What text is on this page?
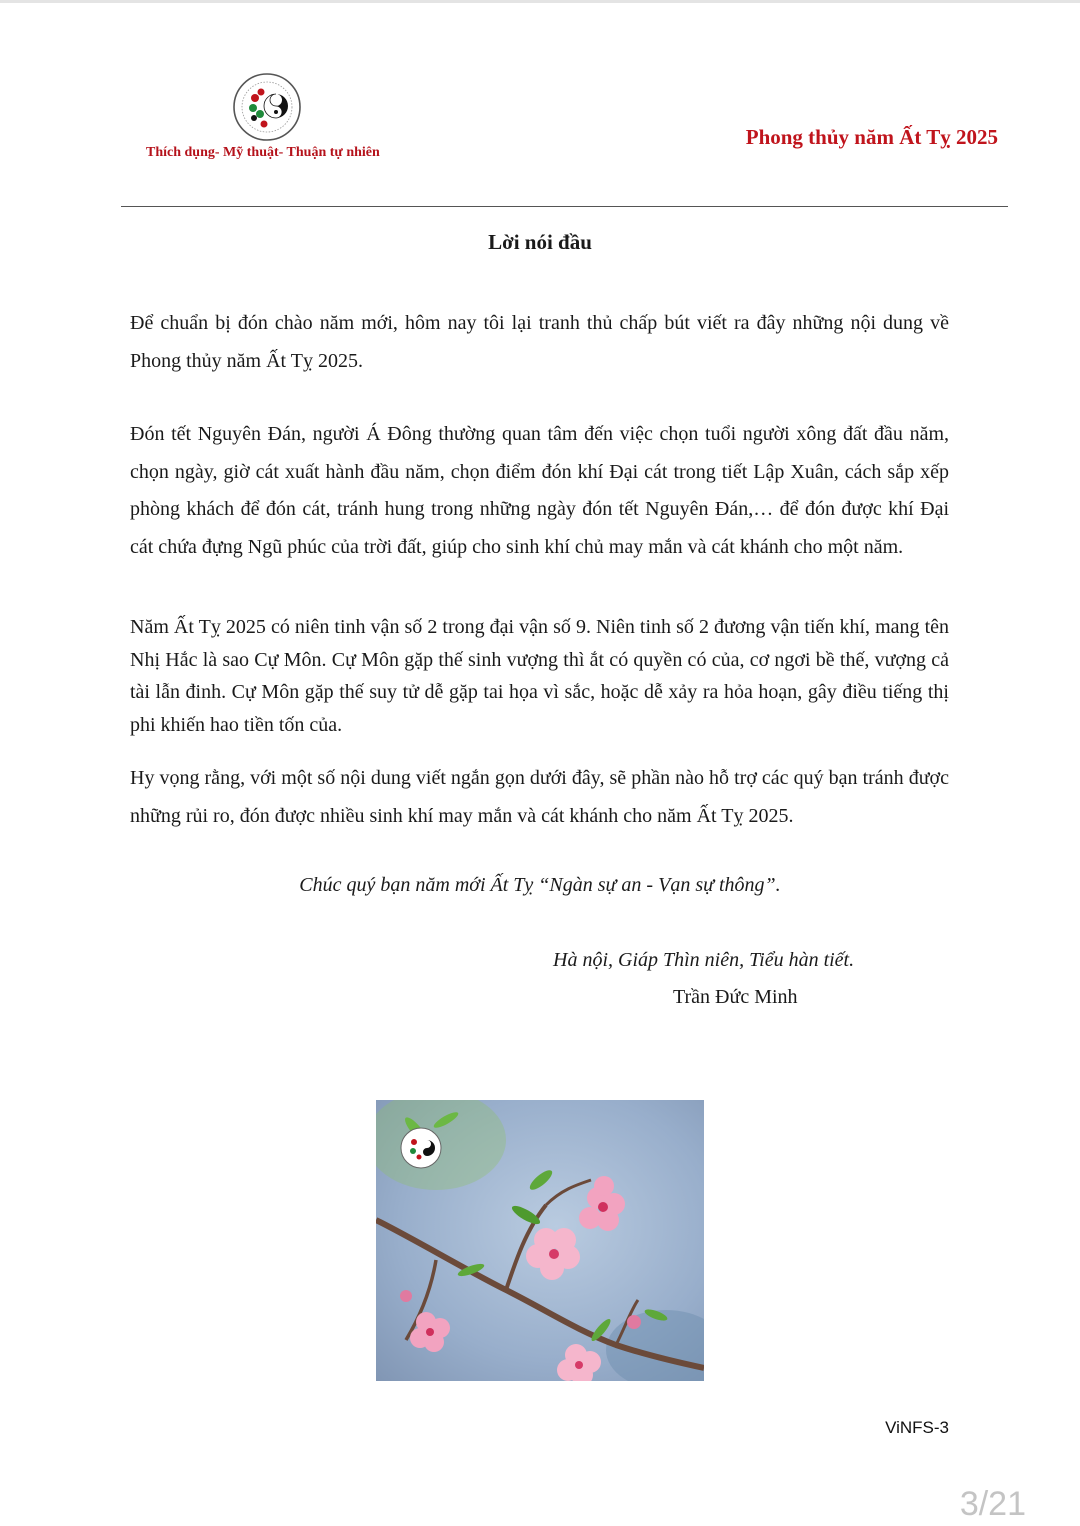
Thích dụng- Mỹ thuật- Thuận tự nhiên
Phong thủy năm Ất Tỵ 2025
Lời nói đầu

Để chuẩn bị đón chào năm mới, hôm nay tôi lại tranh thủ chấp bút viết ra đây những nội dung về Phong thủy năm Ất Tỵ 2025.

Đón tết Nguyên Đán, người Á Đông thường quan tâm đến việc chọn tuổi người xông đất đầu năm, chọn ngày, giờ cát xuất hành đầu năm, chọn điểm đón khí Đại cát trong tiết Lập Xuân, cách sắp xếp phòng khách để đón cát, tránh hung trong những ngày đón tết Nguyên Đán,… để đón được khí Đại cát chứa đựng Ngũ phúc của trời đất, giúp cho sinh khí chủ may mắn và cát khánh cho một năm.

Năm Ất Tỵ 2025 có niên tinh vận số 2 trong đại vận số 9. Niên tinh số 2 đương vận tiến khí, mang tên Nhị Hắc là sao Cự Môn. Cự Môn gặp thế sinh vượng thì ắt có quyền có của, cơ ngơi bề thế, vượng cả tài lẫn đinh. Cự Môn gặp thế suy tử dễ gặp tai họa vì sắc, hoặc dễ xảy ra hỏa hoạn, gây điều tiếng thị phi khiến hao tiền tốn của.

Hy vọng rằng, với một số nội dung viết ngắn gọn dưới đây, sẽ phần nào hỗ trợ các quý bạn tránh được những rủi ro, đón được nhiều sinh khí may mắn và cát khánh cho năm Ất Tỵ 2025.

Chúc quý bạn năm mới Ất Tỵ “Ngàn sự an - Vạn sự thông”.
Hà nội, Giáp Thìn niên, Tiểu hàn tiết.
Trần Đức Minh
ViNFS-3
3/21
